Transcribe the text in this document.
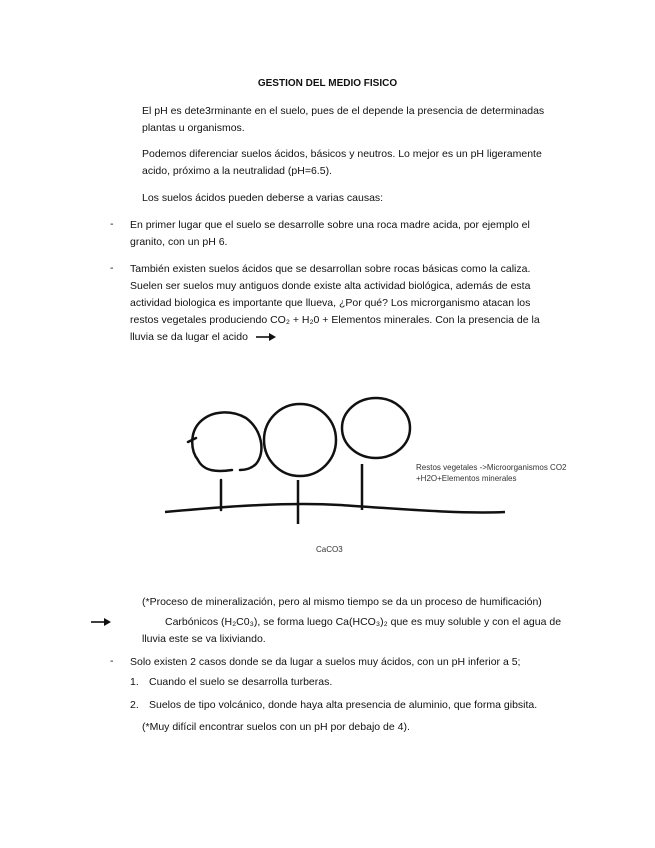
GESTION DEL MEDIO FISICO
El pH es dete3rminante en el suelo, pues de el depende la presencia de determinadas
plantas u organismos.
Podemos diferenciar suelos ácidos, básicos y neutros. Lo mejor es un pH ligeramente
acido, próximo a la neutralidad (pH=6.5).
Los suelos ácidos pueden deberse a varias causas:
- En primer lugar que el suelo se desarrolle sobre una roca madre acida, por ejemplo el
granito, con un pH 6.
- También existen suelos ácidos que se desarrollan sobre rocas básicas como la caliza.
Suelen ser suelos muy antiguos donde existe alta actividad biológica, además de esta
actividad biologica es importante que llueva, ¿Por qué? Los microrganismo atacan los
restos vegetales produciendo CO₂ + H₂0 + Elementos minerales. Con la presencia de la
lluvia se da lugar el acido
Restos vegetales ->Microorganismos CO2
+H2O+Elementos minerales
CaCO3
(*Proceso de mineralización, pero al mismo tiempo se da un proceso de humificación)
Carbónicos (H₂C0₃), se forma luego Ca(HCO₃)₂ que es muy soluble y con el agua de
lluvia este se va lixiviando.
- Solo existen 2 casos donde se da lugar a suelos muy ácidos, con un pH inferior a 5;
1. Cuando el suelo se desarrolla turberas.
2. Suelos de tipo volcánico, donde haya alta presencia de aluminio, que forma gibsita.
(*Muy difícil encontrar suelos con un pH por debajo de 4).
